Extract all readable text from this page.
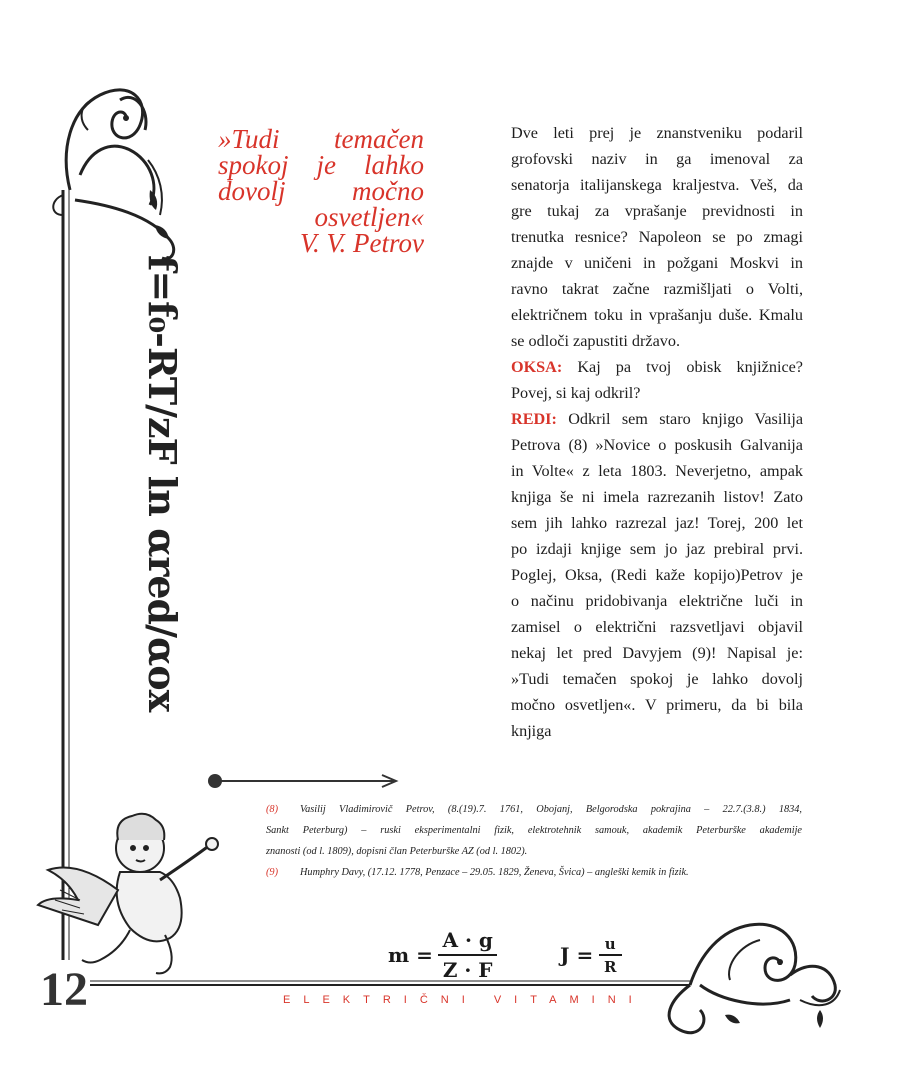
»Tudi temačen
spokoj je lahko
dovolj močno
osvetljen«
V. V. Petrov
f=f₀-RT/zF ln αred/αox
Dve leti prej je znanstveniku podaril
grofovski naziv in ga imenoval za
senatorja italijanskega kraljestva. Veš, da
gre tukaj za vprašanje previdnosti in
trenutka resnice? Napoleon se po zmagi
znajde v uničeni in požgani Moskvi in
ravno takrat začne razmišljati o Volti,
električnem toku in vprašanju duše. Kmalu
se odloči zapustiti državo.
OKSA: Kaj pa tvoj obisk knjižnice?
Povej, si kaj odkril?
REDI: Odkril sem staro knjigo Vasilija
Petrova (8) »Novice o poskusih Galvanija
in Volte« z leta 1803. Neverjetno, ampak
knjiga še ni imela razrezanih listov! Zato
sem jih lahko razrezal jaz! Torej, 200 let
po izdaji knjige sem jo jaz prebiral prvi.
Poglej, Oksa, (Redi kaže kopijo)Petrov je
o načinu pridobivanja električne luči in
zamisel o električni razsvetljavi objavil
nekaj let pred Davyjem (9)! Napisal je:
»Tudi temačen spokoj je lahko dovolj
močno osvetljen«. V primeru, da bi bila
knjiga
(8) Vasilij Vladimirovič Petrov, (8.(19).7. 1761, Obojanj, Belgorodska pokrajina – 22.7.(3.8.) 1834,
Sankt Peterburg) – ruski eksperimentalni fizik, elektrotehnik samouk, akademik Peterburške akademije
znanosti (od l. 1809), dopisni član Peterburške AZ (od l. 1802).
(9) Humphry Davy, (17.12. 1778, Penzace – 29.05. 1829, Ženeva, Švica) – angleški kemik in fizik.
$m = \frac{A \cdot g}{Z \cdot F}$	$J = \frac{u}{R}$
12	ELEKTRIČNI VITAMINI
